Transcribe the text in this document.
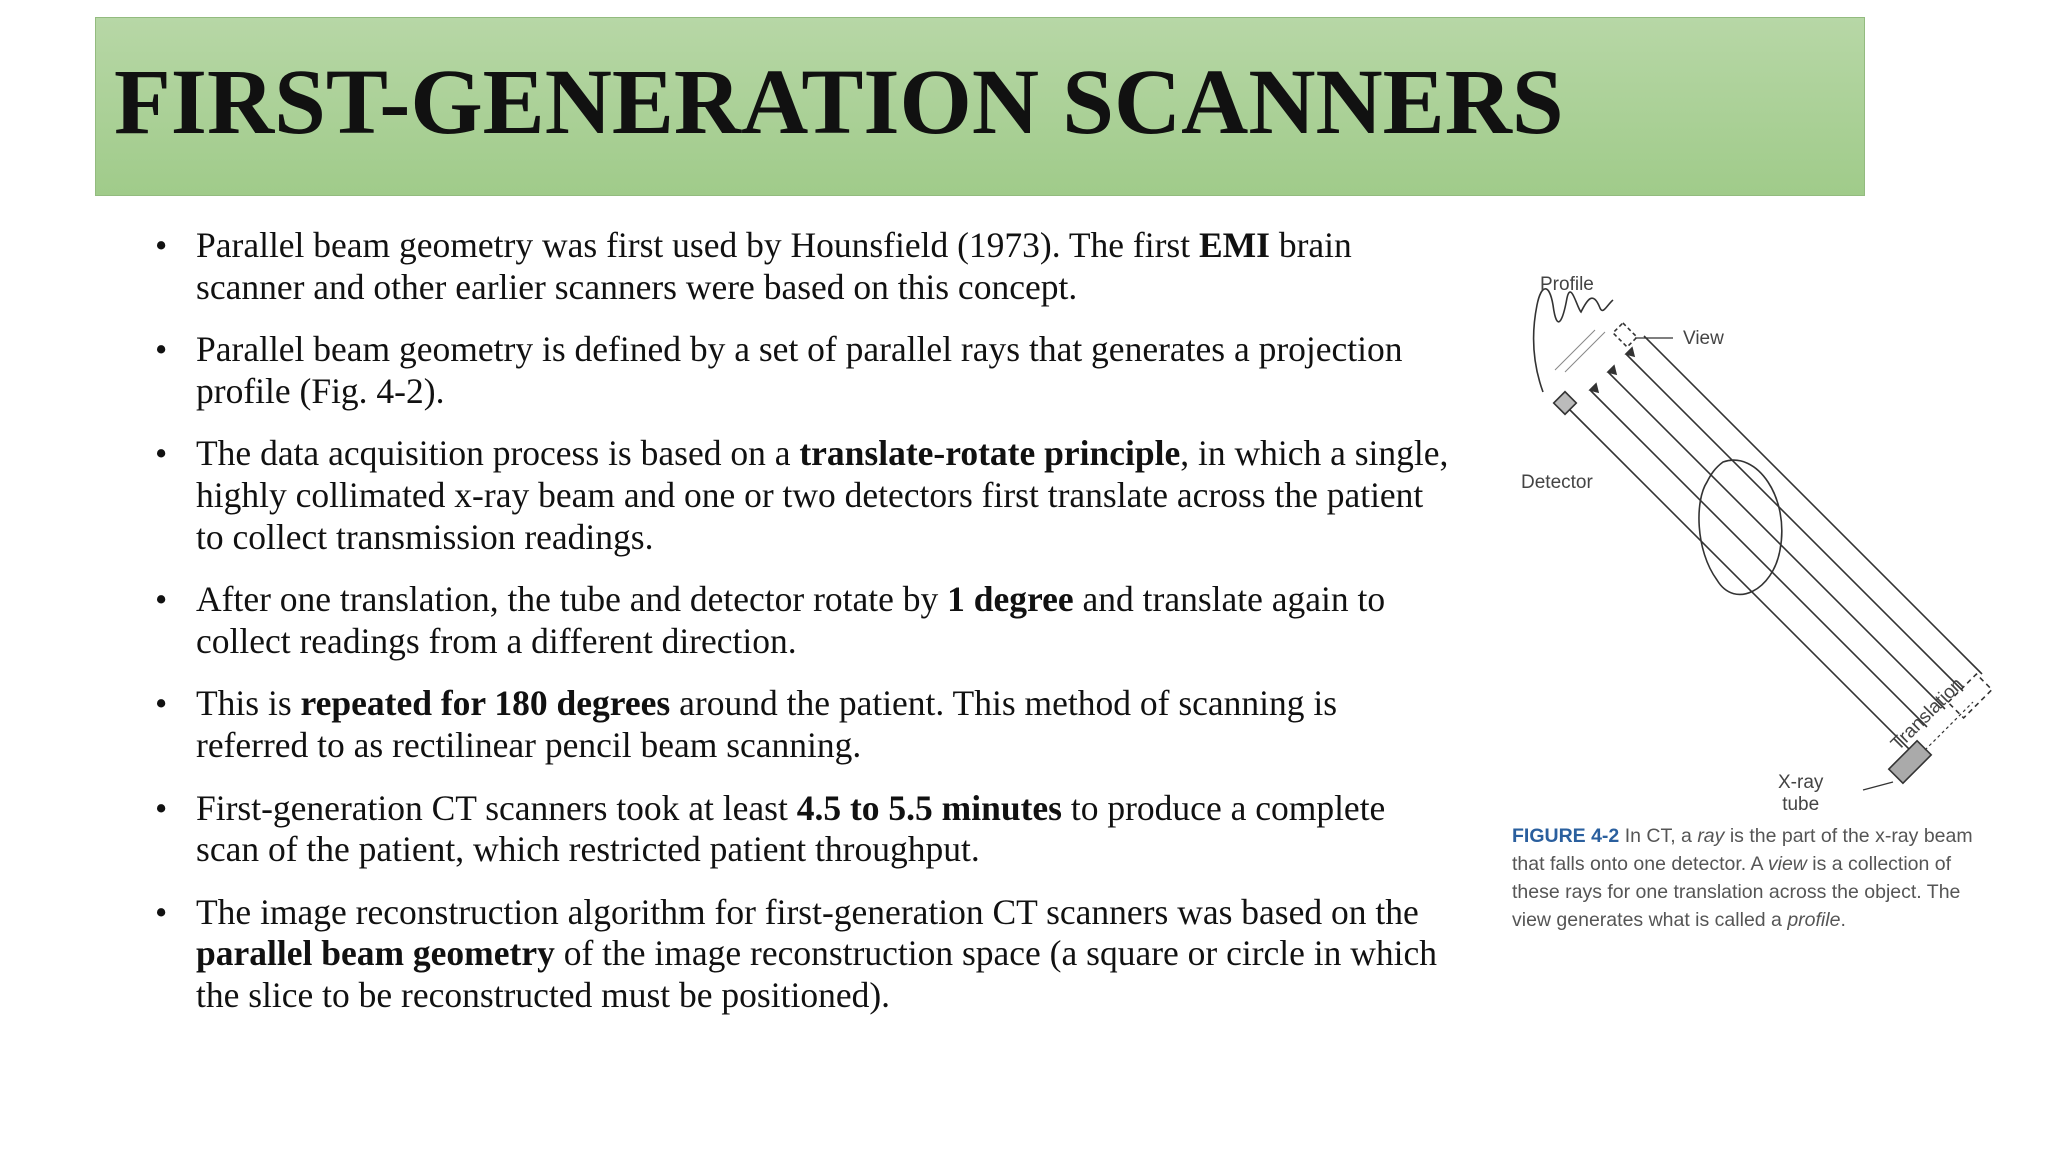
FIRST-GENERATION SCANNERS
• Parallel beam geometry was first used by Hounsfield (1973). The first EMI brain scanner and other earlier scanners were based on this concept.
• Parallel beam geometry is defined by a set of parallel rays that generates a projection profile (Fig. 4-2).
• The data acquisition process is based on a translate-rotate principle, in which a single, highly collimated x-ray beam and one or two detectors first translate across the patient to collect transmission readings.
• After one translation, the tube and detector rotate by 1 degree and translate again to collect readings from a different direction.
• This is repeated for 180 degrees around the patient. This method of scanning is referred to as rectilinear pencil beam scanning.
• First-generation CT scanners took at least 4.5 to 5.5 minutes to produce a complete scan of the patient, which restricted patient throughput.
• The image reconstruction algorithm for first-generation CT scanners was based on the parallel beam geometry of the image reconstruction space (a square or circle in which the slice to be reconstructed must be positioned).
Profile
View
Detector
X-ray
tube
Translation
FIGURE 4-2 In CT, a ray is the part of the x-ray beam that falls onto one detector. A view is a collection of these rays for one translation across the object. The view generates what is called a profile.
